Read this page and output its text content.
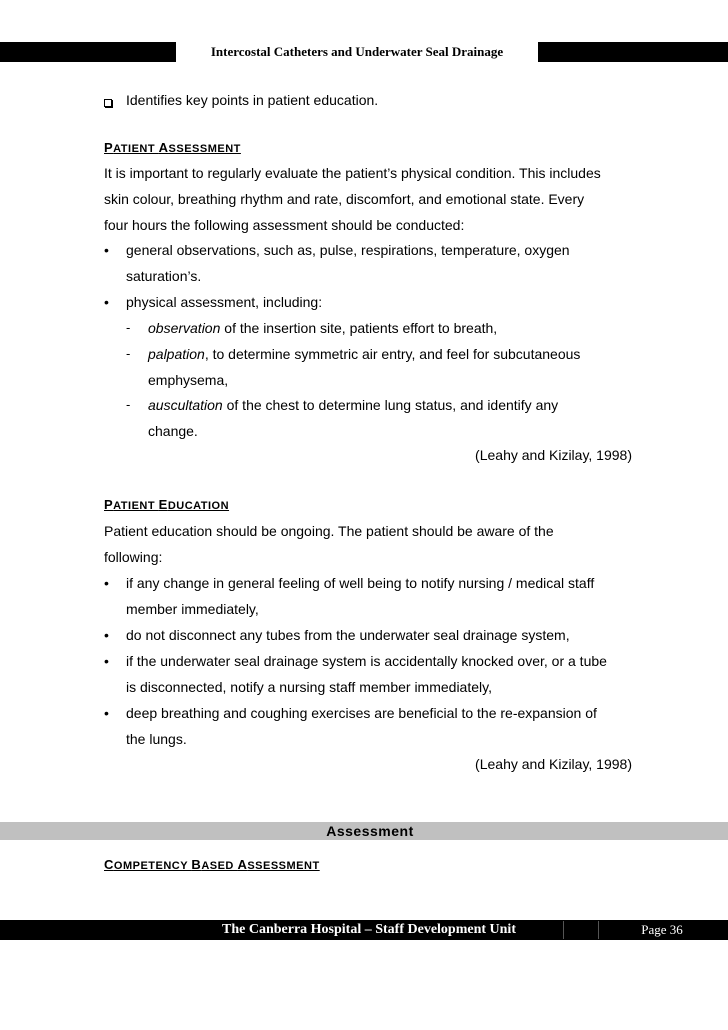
Intercostal Catheters and Underwater Seal Drainage
Identifies key points in patient education.
PATIENT ASSESSMENT
It is important to regularly evaluate the patient’s physical condition. This includes
skin colour, breathing rhythm and rate, discomfort, and emotional state. Every
four hours the following assessment should be conducted:
• general observations, such as, pulse, respirations, temperature, oxygen
saturation’s.
• physical assessment, including:
- observation of the insertion site, patients effort to breath,
- palpation, to determine symmetric air entry, and feel for subcutaneous
emphysema,
- auscultation of the chest to determine lung status, and identify any
change.
(Leahy and Kizilay, 1998)
PATIENT EDUCATION
Patient education should be ongoing. The patient should be aware of the
following:
• if any change in general feeling of well being to notify nursing / medical staff
member immediately,
• do not disconnect any tubes from the underwater seal drainage system,
• if the underwater seal drainage system is accidentally knocked over, or a tube
is disconnected, notify a nursing staff member immediately,
• deep breathing and coughing exercises are beneficial to the re-expansion of
the lungs.
(Leahy and Kizilay, 1998)
Assessment
COMPETENCY BASED ASSESSMENT
The Canberra Hospital – Staff Development Unit	Page 36
